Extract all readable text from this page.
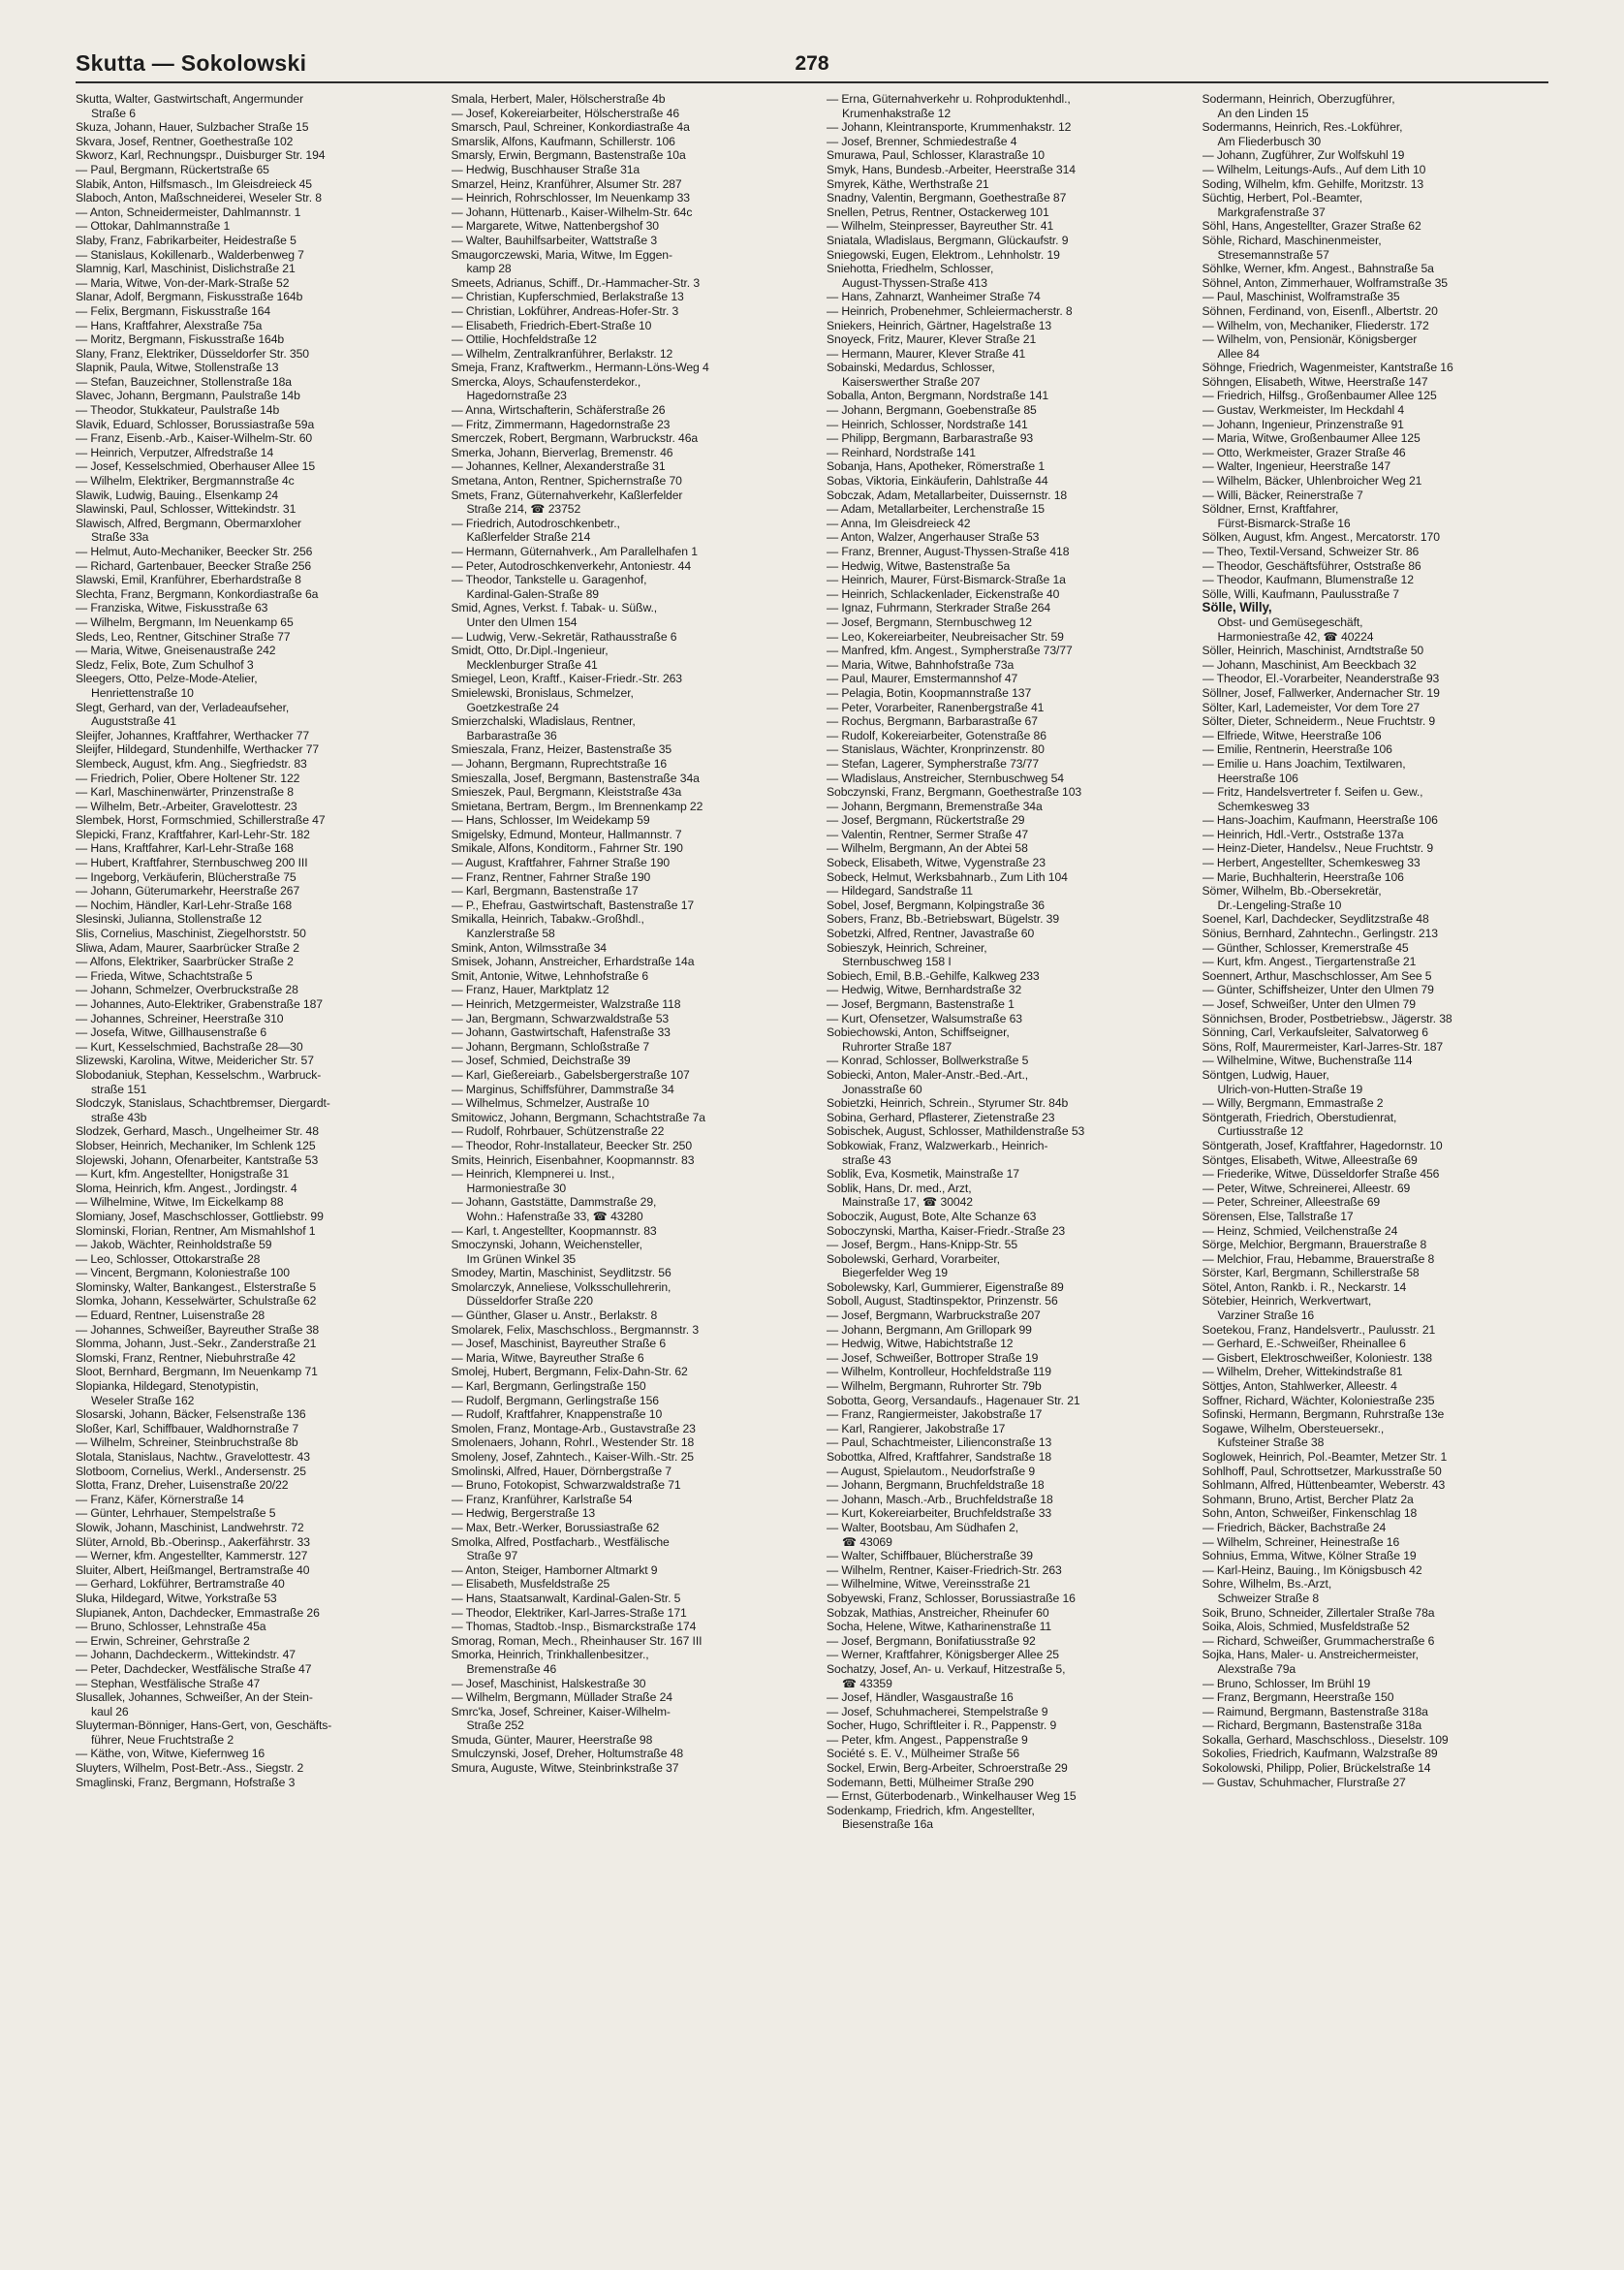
Skutta — Sokolowski	278
Skutta, Walter, Gastwirtschaft, Angermunder
Straße 6
Skuza, Johann, Hauer, Sulzbacher Straße 15
Skvara, Josef, Rentner, Goethestraße 102
Skworz, Karl, Rechnungspr., Duisburger Str. 194
— Paul, Bergmann, Rückertstraße 65
Slabik, Anton, Hilfsmasch., Im Gleisdreieck 45
Slaboch, Anton, Maßschneiderei, Weseler Str. 8
— Anton, Schneidermeister, Dahlmannstr. 1
— Ottokar, Dahlmannstraße 1
Slaby, Franz, Fabrikarbeiter, Heidestraße 5
— Stanislaus, Kokillenarb., Walderbenweg 7
Slamnig, Karl, Maschinist, Dislichstraße 21
— Maria, Witwe, Von-der-Mark-Straße 52
Slanar, Adolf, Bergmann, Fiskusstraße 164b
— Felix, Bergmann, Fiskusstraße 164
— Hans, Kraftfahrer, Alexstraße 75a
— Moritz, Bergmann, Fiskusstraße 164b
Slany, Franz, Elektriker, Düsseldorfer Str. 350
Slapnik, Paula, Witwe, Stollenstraße 13
— Stefan, Bauzeichner, Stollenstraße 18a
Slavec, Johann, Bergmann, Paulstraße 14b
— Theodor, Stukkateur, Paulstraße 14b
Slavik, Eduard, Schlosser, Borussiastraße 59a
— Franz, Eisenb.-Arb., Kaiser-Wilhelm-Str. 60
— Heinrich, Verputzer, Alfredstraße 14
— Josef, Kesselschmied, Oberhauser Allee 15
— Wilhelm, Elektriker, Bergmannstraße 4c
Slawik, Ludwig, Bauing., Elsenkamp 24
Slawinski, Paul, Schlosser, Wittekindstr. 31
Slawisch, Alfred, Bergmann, Obermarxloher
Straße 33a
— Helmut, Auto-Mechaniker, Beecker Str. 256
— Richard, Gartenbauer, Beecker Straße 256
Slawski, Emil, Kranführer, Eberhardstraße 8
Slechta, Franz, Bergmann, Konkordiastraße 6a
— Franziska, Witwe, Fiskusstraße 63
— Wilhelm, Bergmann, Im Neuenkamp 65
Sleds, Leo, Rentner, Gitschiner Straße 77
— Maria, Witwe, Gneisenaustraße 242
Sledz, Felix, Bote, Zum Schulhof 3
Sleegers, Otto, Pelze-Mode-Atelier,
Henriettenstraße 10
Slegt, Gerhard, van der, Verladeaufseher,
Auguststraße 41
Sleijfer, Johannes, Kraftfahrer, Werthacker 77
Sleijfer, Hildegard, Stundenhilfe, Werthacker 77
Slembeck, August, kfm. Ang., Siegfriedstr. 83
— Friedrich, Polier, Obere Holtener Str. 122
— Karl, Maschinenwärter, Prinzenstraße 8
— Wilhelm, Betr.-Arbeiter, Gravelottestr. 23
Slembek, Horst, Formschmied, Schillerstraße 47
Slepicki, Franz, Kraftfahrer, Karl-Lehr-Str. 182
— Hans, Kraftfahrer, Karl-Lehr-Straße 168
— Hubert, Kraftfahrer, Sternbuschweg 200 III
— Ingeborg, Verkäuferin, Blücherstraße 75
— Johann, Güterumarkehr, Heerstraße 267
— Nochim, Händler, Karl-Lehr-Straße 168
Slesinski, Julianna, Stollenstraße 12
Slis, Cornelius, Maschinist, Ziegelhorststr. 50
Sliwa, Adam, Maurer, Saarbrücker Straße 2
— Alfons, Elektriker, Saarbrücker Straße 2
— Frieda, Witwe, Schachtstraße 5
— Johann, Schmelzer, Overbruckstraße 28
— Johannes, Auto-Elektriker, Grabenstraße 187
— Johannes, Schreiner, Heerstraße 310
— Josefa, Witwe, Gillhausenstraße 6
— Kurt, Kesselschmied, Bachstraße 28—30
Slizewski, Karolina, Witwe, Meidericher Str. 57
Slobodaniuk, Stephan, Kesselschm., Warbruck-
straße 151
Slodczyk, Stanislaus, Schachtbremser, Diergardt-
straße 43b
Slodzek, Gerhard, Masch., Ungelheimer Str. 48
Slobser, Heinrich, Mechaniker, Im Schlenk 125
Slojewski, Johann, Ofenarbeiter, Kantstraße 53
— Kurt, kfm. Angestellter, Honigstraße 31
Sloma, Heinrich, kfm. Angest., Jordingstr. 4
— Wilhelmine, Witwe, Im Eickelkamp 88
Slomiany, Josef, Maschschlosser, Gottliebstr. 99
Slominski, Florian, Rentner, Am Mismahlshof 1
— Jakob, Wächter, Reinholdstraße 59
— Leo, Schlosser, Ottokarstraße 28
— Vincent, Bergmann, Koloniestraße 100
Slominsky, Walter, Bankangest., Elsterstraße 5
Slomka, Johann, Kesselwärter, Schulstraße 62
— Eduard, Rentner, Luisenstraße 28
— Johannes, Schweißer, Bayreuther Straße 38
Slomma, Johann, Just.-Sekr., Zanderstraße 21
Slomski, Franz, Rentner, Niebuhrstraße 42
Sloot, Bernhard, Bergmann, Im Neuenkamp 71
Slopianka, Hildegard, Stenotypistin,
Weseler Straße 162
Slosarski, Johann, Bäcker, Felsenstraße 136
Sloßer, Karl, Schiffbauer, Waldhornstraße 7
— Wilhelm, Schreiner, Steinbruchstraße 8b
Slotala, Stanislaus, Nachtw., Gravelottestr. 43
Slotboom, Cornelius, Werkl., Andersenstr. 25
Slotta, Franz, Dreher, Luisenstraße 20/22
— Franz, Käfer, Körnerstraße 14
— Günter, Lehrhauer, Stempelstraße 5
Slowik, Johann, Maschinist, Landwehrstr. 72
Slüter, Arnold, Bb.-Oberinsp., Aakerfährstr. 33
— Werner, kfm. Angestellter, Kammerstr. 127
Sluiter, Albert, Heißmangel, Bertramstraße 40
— Gerhard, Lokführer, Bertramstraße 40
Sluka, Hildegard, Witwe, Yorkstraße 53
Slupianek, Anton, Dachdecker, Emmastraße 26
— Bruno, Schlosser, Lehnstraße 45a
— Erwin, Schreiner, Gehrstraße 2
— Johann, Dachdeckerm., Wittekindstr. 47
— Peter, Dachdecker, Westfälische Straße 47
— Stephan, Westfälische Straße 47
Slusallek, Johannes, Schweißer, An der Stein-
kaul 26
Sluyterman-Bönniger, Hans-Gert, von, Geschäfts-
führer, Neue Fruchtstraße 2
— Käthe, von, Witwe, Kiefernweg 16
Sluyters, Wilhelm, Post-Betr.-Ass., Siegstr. 2
Smaglinski, Franz, Bergmann, Hofstraße 3
Smala, Herbert, Maler, Hölscherstraße 4b
— Josef, Kokereiarbeiter, Hölscherstraße 46
Smarsch, Paul, Schreiner, Konkordiastraße 4a
Smarslik, Alfons, Kaufmann, Schillerstr. 106
Smarsly, Erwin, Bergmann, Bastenstraße 10a
— Hedwig, Buschhauser Straße 31a
Smarzel, Heinz, Kranführer, Alsumer Str. 287
— Heinrich, Rohrschlosser, Im Neuenkamp 33
— Johann, Hüttenarb., Kaiser-Wilhelm-Str. 64c
— Margarete, Witwe, Nattenbergshof 30
— Walter, Bauhilfsarbeiter, Wattstraße 3
Smaugorczewski, Maria, Witwe, Im Eggen-
kamp 28
Smeets, Adrianus, Schiff., Dr.-Hammacher-Str. 3
— Christian, Kupferschmied, Berlakstraße 13
— Christian, Lokführer, Andreas-Hofer-Str. 3
— Elisabeth, Friedrich-Ebert-Straße 10
— Ottilie, Hochfeldstraße 12
— Wilhelm, Zentralkranführer, Berlakstr. 12
Smeja, Franz, Kraftwerkm., Hermann-Löns-Weg 4
Smercka, Aloys, Schaufensterdekor.,
Hagedornstraße 23
— Anna, Wirtschafterin, Schäferstraße 26
— Fritz, Zimmermann, Hagedornstraße 23
Smerczek, Robert, Bergmann, Warbruckstr. 46a
Smerka, Johann, Bierverlag, Bremenstr. 46
— Johannes, Kellner, Alexanderstraße 31
Smetana, Anton, Rentner, Spichernstraße 70
Smets, Franz, Güternahverkehr, Kaßlerfelder
Straße 214, ☎ 23752
— Friedrich, Autodroschkenbetr.,
Kaßlerfelder Straße 214
— Hermann, Güternahverk., Am Parallelhafen 1
— Peter, Autodroschkenverkehr, Antoniestr. 44
— Theodor, Tankstelle u. Garagenhof,
Kardinal-Galen-Straße 89
Smid, Agnes, Verkst. f. Tabak- u. Süßw.,
Unter den Ulmen 154
— Ludwig, Verw.-Sekretär, Rathausstraße 6
Smidt, Otto, Dr.Dipl.-Ingenieur,
Mecklenburger Straße 41
Smiegel, Leon, Kraftf., Kaiser-Friedr.-Str. 263
Smielewski, Bronislaus, Schmelzer,
Goetzkestraße 24
Smierzchalski, Wladislaus, Rentner,
Barbarastraße 36
Smieszala, Franz, Heizer, Bastenstraße 35
— Johann, Bergmann, Ruprechtstraße 16
Smieszalla, Josef, Bergmann, Bastenstraße 34a
Smieszek, Paul, Bergmann, Kleiststraße 43a
Smietana, Bertram, Bergm., Im Brennenkamp 22
— Hans, Schlosser, Im Weidekamp 59
Smigelsky, Edmund, Monteur, Hallmannstr. 7
Smikale, Alfons, Konditorm., Fahrner Str. 190
— August, Kraftfahrer, Fahrner Straße 190
— Franz, Rentner, Fahrner Straße 190
— Karl, Bergmann, Bastenstraße 17
— P., Ehefrau, Gastwirtschaft, Bastenstraße 17
Smikalla, Heinrich, Tabakw.-Großhdl.,
Kanzlerstraße 58
Smink, Anton, Wilmsstraße 34
Smisek, Johann, Anstreicher, Erhardstraße 14a
Smit, Antonie, Witwe, Lehnhofstraße 6
— Franz, Hauer, Marktplatz 12
— Heinrich, Metzgermeister, Walzstraße 118
— Jan, Bergmann, Schwarzwaldstraße 53
— Johann, Gastwirtschaft, Hafenstraße 33
— Johann, Bergmann, Schloßstraße 7
— Josef, Schmied, Deichstraße 39
— Karl, Gießereiarb., Gabelsbergerstraße 107
— Marginus, Schiffsführer, Dammstraße 34
— Wilhelmus, Schmelzer, Austraße 10
Smitowicz, Johann, Bergmann, Schachtstraße 7a
— Rudolf, Rohrbauer, Schützenstraße 22
— Theodor, Rohr-Installateur, Beecker Str. 250
Smits, Heinrich, Eisenbahner, Koopmannstr. 83
— Heinrich, Klempnerei u. Inst.,
Harmoniestraße 30
— Johann, Gaststätte, Dammstraße 29,
Wohn.: Hafenstraße 33, ☎ 43280
— Karl, t. Angestellter, Koopmannstr. 83
Smoczynski, Johann, Weichensteller,
Im Grünen Winkel 35
Smodey, Martin, Maschinist, Seydlitzstr. 56
Smolarczyk, Anneliese, Volksschullehrerin,
Düsseldorfer Straße 220
— Günther, Glaser u. Anstr., Berlakstr. 8
Smolarek, Felix, Maschschloss., Bergmannstr. 3
— Josef, Maschinist, Bayreuther Straße 6
— Maria, Witwe, Bayreuther Straße 6
Smolej, Hubert, Bergmann, Felix-Dahn-Str. 62
— Karl, Bergmann, Gerlingstraße 150
— Rudolf, Bergmann, Gerlingstraße 156
— Rudolf, Kraftfahrer, Knappenstraße 10
Smolen, Franz, Montage-Arb., Gustavstraße 23
Smolenaers, Johann, Rohrl., Westender Str. 18
Smoleny, Josef, Zahntech., Kaiser-Wilh.-Str. 25
Smolinski, Alfred, Hauer, Dörnbergstraße 7
— Bruno, Fotokopist, Schwarzwaldstraße 71
— Franz, Kranführer, Karlstraße 54
— Hedwig, Bergerstraße 13
— Max, Betr.-Werker, Borussiastraße 62
Smolka, Alfred, Postfacharb., Westfälische
Straße 97
— Anton, Steiger, Hamborner Altmarkt 9
— Elisabeth, Musfeldstraße 25
— Hans, Staatsanwalt, Kardinal-Galen-Str. 5
— Theodor, Elektriker, Karl-Jarres-Straße 171
— Thomas, Stadtob.-Insp., Bismarckstraße 174
Smorag, Roman, Mech., Rheinhauser Str. 167 III
Smorka, Heinrich, Trinkhallenbesitzer.,
Bremenstraße 46
— Josef, Maschinist, Halskestraße 30
— Wilhelm, Bergmann, Müllader Straße 24
Smrc'ka, Josef, Schreiner, Kaiser-Wilhelm-
Straße 252
Smuda, Günter, Maurer, Heerstraße 98
Smulczynski, Josef, Dreher, Holtumstraße 48
Smura, Auguste, Witwe, Steinbrinkstraße 37
— Erna, Güternahverkehr u. Rohproduktenhdl.,
Krumenhakstraße 12
— Johann, Kleintransporte, Krummenhakstr. 12
— Josef, Brenner, Schmiedestraße 4
Smurawa, Paul, Schlosser, Klarastraße 10
Smyk, Hans, Bundesb.-Arbeiter, Heerstraße 314
Smyrek, Käthe, Werthstraße 21
Snadny, Valentin, Bergmann, Goethestraße 87
Snellen, Petrus, Rentner, Ostackerweg 101
— Wilhelm, Steinpresser, Bayreuther Str. 41
Sniatala, Wladislaus, Bergmann, Glückaufstr. 9
Sniegowski, Eugen, Elektrom., Lehnholstr. 19
Sniehotta, Friedhelm, Schlosser,
August-Thyssen-Straße 413
— Hans, Zahnarzt, Wanheimer Straße 74
— Heinrich, Probenehmer, Schleiermacherstr. 8
Sniekers, Heinrich, Gärtner, Hagelstraße 13
Snoyeck, Fritz, Maurer, Klever Straße 21
— Hermann, Maurer, Klever Straße 41
Sobainski, Medardus, Schlosser,
Kaiserswerther Straße 207
Soballa, Anton, Bergmann, Nordstraße 141
— Johann, Bergmann, Goebenstraße 85
— Heinrich, Schlosser, Nordstraße 141
— Philipp, Bergmann, Barbarastraße 93
— Reinhard, Nordstraße 141
Sobanja, Hans, Apotheker, Römerstraße 1
Sobas, Viktoria, Einkäuferin, Dahlstraße 44
Sobczak, Adam, Metallarbeiter, Duissernstr. 18
— Adam, Metallarbeiter, Lerchenstraße 15
— Anna, Im Gleisdreieck 42
— Anton, Walzer, Angerhauser Straße 53
— Franz, Brenner, August-Thyssen-Straße 418
— Hedwig, Witwe, Bastenstraße 5a
— Heinrich, Maurer, Fürst-Bismarck-Straße 1a
— Heinrich, Schlackenlader, Eickenstraße 40
— Ignaz, Fuhrmann, Sterkrader Straße 264
— Josef, Bergmann, Sternbuschweg 12
— Leo, Kokereiarbeiter, Neubreisacher Str. 59
— Manfred, kfm. Angest., Sympherstraße 73/77
— Maria, Witwe, Bahnhofstraße 73a
— Paul, Maurer, Emstermannshof 47
— Pelagia, Botin, Koopmannstraße 137
— Peter, Vorarbeiter, Ranenbergstraße 41
— Rochus, Bergmann, Barbarastraße 67
— Rudolf, Kokereiarbeiter, Gotenstraße 86
— Stanislaus, Wächter, Kronprinzenstr. 80
— Stefan, Lagerer, Sympherstraße 73/77
— Wladislaus, Anstreicher, Sternbuschweg 54
Sobczynski, Franz, Bergmann, Goethestraße 103
— Johann, Bergmann, Bremenstraße 34a
— Josef, Bergmann, Rückertstraße 29
— Valentin, Rentner, Sermer Straße 47
— Wilhelm, Bergmann, An der Abtei 58
Sobeck, Elisabeth, Witwe, Vygenstraße 23
Sobeck, Helmut, Werksbahnarb., Zum Lith 104
— Hildegard, Sandstraße 11
Sobel, Josef, Bergmann, Kolpingstraße 36
Sobers, Franz, Bb.-Betriebswart, Bügelstr. 39
Sobetzki, Alfred, Rentner, Javastraße 60
Sobieszyk, Heinrich, Schreiner,
Sternbuschweg 158 I
Sobiech, Emil, B.B.-Gehilfe, Kalkweg 233
— Hedwig, Witwe, Bernhardstraße 32
— Josef, Bergmann, Bastenstraße 1
— Kurt, Ofensetzer, Walsumstraße 63
Sobiechowski, Anton, Schiffseigner,
Ruhrorter Straße 187
— Konrad, Schlosser, Bollwerkstraße 5
Sobiecki, Anton, Maler-Anstr.-Bed.-Art.,
Jonasstraße 60
Sobietzki, Heinrich, Schrein., Styrumer Str. 84b
Sobina, Gerhard, Pflasterer, Zietenstraße 23
Sobischek, August, Schlosser, Mathildenstraße 53
Sobkowiak, Franz, Walzwerkarb., Heinrich-
straße 43
Soblik, Eva, Kosmetik, Mainstraße 17
Soblik, Hans, Dr. med., Arzt,
Mainstraße 17, ☎ 30042
Soboczik, August, Bote, Alte Schanze 63
Soboczynski, Martha, Kaiser-Friedr.-Straße 23
— Josef, Bergm., Hans-Knipp-Str. 55
Sobolewski, Gerhard, Vorarbeiter,
Biegerfelder Weg 19
Sobolewsky, Karl, Gummierer, Eigenstraße 89
Soboll, August, Stadtinspektor, Prinzenstr. 56
— Josef, Bergmann, Warbruckstraße 207
— Johann, Bergmann, Am Grillopark 99
— Hedwig, Witwe, Habichtstraße 12
— Josef, Schweißer, Bottroper Straße 19
— Wilhelm, Kontrolleur, Hochfeldstraße 119
— Wilhelm, Bergmann, Ruhrorter Str. 79b
Sobotta, Georg, Versandaufs., Hagenauer Str. 21
— Franz, Rangiermeister, Jakobstraße 17
— Karl, Rangierer, Jakobstraße 17
— Paul, Schachtmeister, Lilienconstraße 13
Sobottka, Alfred, Kraftfahrer, Sandstraße 18
— August, Spielautom., Neudorfstraße 9
— Johann, Bergmann, Bruchfeldstraße 18
— Johann, Masch.-Arb., Bruchfeldstraße 18
— Kurt, Kokereiarbeiter, Bruchfeldstraße 33
— Walter, Bootsbau, Am Südhafen 2,
☎ 43069
— Walter, Schiffbauer, Blücherstraße 39
— Wilhelm, Rentner, Kaiser-Friedrich-Str. 263
— Wilhelmine, Witwe, Vereinsstraße 21
Sobyewski, Franz, Schlosser, Borussiastraße 16
Sobzak, Mathias, Anstreicher, Rheinufer 60
Socha, Helene, Witwe, Katharinenstraße 11
— Josef, Bergmann, Bonifatiusstraße 92
— Werner, Kraftfahrer, Königsberger Allee 25
Sochatzy, Josef, An- u. Verkauf, Hitzestraße 5,
☎ 43359
— Josef, Händler, Wasgaustraße 16
— Josef, Schuhmacherei, Stempelstraße 9
Socher, Hugo, Schriftleiter i. R., Pappenstr. 9
— Peter, kfm. Angest., Pappenstraße 9
Société s. E. V., Mülheimer Straße 56
Sockel, Erwin, Berg-Arbeiter, Schroerstraße 29
Sodemann, Betti, Mülheimer Straße 290
— Ernst, Güterbodenarb., Winkelhauser Weg 15
Sodenkamp, Friedrich, kfm. Angestellter,
Biesenstraße 16a
Sodermann, Heinrich, Oberzugführer,
An den Linden 15
Sodermanns, Heinrich, Res.-Lokführer,
Am Fliederbusch 30
— Johann, Zugführer, Zur Wolfskuhl 19
— Wilhelm, Leitungs-Aufs., Auf dem Lith 10
Soding, Wilhelm, kfm. Gehilfe, Moritzstr. 13
Süchtig, Herbert, Pol.-Beamter,
Markgrafenstraße 37
Söhl, Hans, Angestellter, Grazer Straße 62
Söhle, Richard, Maschinenmeister,
Stresemannstraße 57
Söhlke, Werner, kfm. Angest., Bahnstraße 5a
Söhnel, Anton, Zimmerhauer, Wolframstraße 35
— Paul, Maschinist, Wolframstraße 35
Söhnen, Ferdinand, von, Eisenfl., Albertstr. 20
— Wilhelm, von, Mechaniker, Fliederstr. 172
— Wilhelm, von, Pensionär, Königsberger
Allee 84
Söhnge, Friedrich, Wagenmeister, Kantstraße 16
Söhngen, Elisabeth, Witwe, Heerstraße 147
— Friedrich, Hilfsg., Großenbaumer Allee 125
— Gustav, Werkmeister, Im Heckdahl 4
— Johann, Ingenieur, Prinzenstraße 91
— Maria, Witwe, Großenbaumer Allee 125
— Otto, Werkmeister, Grazer Straße 46
— Walter, Ingenieur, Heerstraße 147
— Wilhelm, Bäcker, Uhlenbroicher Weg 21
— Willi, Bäcker, Reinerstraße 7
Söldner, Ernst, Kraftfahrer,
Fürst-Bismarck-Straße 16
Sölken, August, kfm. Angest., Mercatorstr. 170
— Theo, Textil-Versand, Schweizer Str. 86
— Theodor, Geschäftsführer, Oststraße 86
— Theodor, Kaufmann, Blumenstraße 12
Sölle, Willi, Kaufmann, Paulusstraße 7
Sölle, Willy,
Obst- und Gemüsegeschäft,
Harmoniestraße 42, ☎ 40224
Söller, Heinrich, Maschinist, Arndtstraße 50
— Johann, Maschinist, Am Beeckbach 32
— Theodor, El.-Vorarbeiter, Neanderstraße 93
Söllner, Josef, Fallwerker, Andernacher Str. 19
Sölter, Karl, Lademeister, Vor dem Tore 27
Sölter, Dieter, Schneiderm., Neue Fruchtstr. 9
— Elfriede, Witwe, Heerstraße 106
— Emilie, Rentnerin, Heerstraße 106
— Emilie u. Hans Joachim, Textilwaren,
Heerstraße 106
— Fritz, Handelsvertreter f. Seifen u. Gew.,
Schemkesweg 33
— Hans-Joachim, Kaufmann, Heerstraße 106
— Heinrich, Hdl.-Vertr., Oststraße 137a
— Heinz-Dieter, Handelsv., Neue Fruchtstr. 9
— Herbert, Angestellter, Schemkesweg 33
— Marie, Buchhalterin, Heerstraße 106
Sömer, Wilhelm, Bb.-Obersekretär,
Dr.-Lengeling-Straße 10
Soenel, Karl, Dachdecker, Seydlitzstraße 48
Sönius, Bernhard, Zahntechn., Gerlingstr. 213
— Günther, Schlosser, Kremerstraße 45
— Kurt, kfm. Angest., Tiergartenstraße 21
Soennert, Arthur, Maschschlosser, Am See 5
— Günter, Schiffsheizer, Unter den Ulmen 79
— Josef, Schweißer, Unter den Ulmen 79
Sönnichsen, Broder, Postbetriebsw., Jägerstr. 38
Sönning, Carl, Verkaufsleiter, Salvatorweg 6
Söns, Rolf, Maurermeister, Karl-Jarres-Str. 187
— Wilhelmine, Witwe, Buchenstraße 114
Söntgen, Ludwig, Hauer,
Ulrich-von-Hutten-Straße 19
— Willy, Bergmann, Emmastraße 2
Söntgerath, Friedrich, Oberstudienrat,
Curtiusstraße 12
Söntgerath, Josef, Kraftfahrer, Hagedornstr. 10
Söntges, Elisabeth, Witwe, Alleestraße 69
— Friederike, Witwe, Düsseldorfer Straße 456
— Peter, Witwe, Schreinerei, Alleestr. 69
— Peter, Schreiner, Alleestraße 69
Sörensen, Else, Tallstraße 17
— Heinz, Schmied, Veilchenstraße 24
Sörge, Melchior, Bergmann, Brauerstraße 8
— Melchior, Frau, Hebamme, Brauerstraße 8
Sörster, Karl, Bergmann, Schillerstraße 58
Sötel, Anton, Rankb. i. R., Neckarstr. 14
Sötebier, Heinrich, Werkvertwart,
Varziner Straße 16
Soetekou, Franz, Handelsvertr., Paulusstr. 21
— Gerhard, E.-Schweißer, Rheinallee 6
— Gisbert, Elektroschweißer, Koloniestr. 138
— Wilhelm, Dreher, Wittekindstraße 81
Söttjes, Anton, Stahlwerker, Alleestr. 4
Soffner, Richard, Wächter, Koloniestraße 235
Sofinski, Hermann, Bergmann, Ruhrstraße 13e
Sogawe, Wilhelm, Obersteuersekr.,
Kufsteiner Straße 38
Soglowek, Heinrich, Pol.-Beamter, Metzer Str. 1
Sohlhoff, Paul, Schrottsetzer, Markusstraße 50
Sohlmann, Alfred, Hüttenbeamter, Weberstr. 43
Sohmann, Bruno, Artist, Bercher Platz 2a
Sohn, Anton, Schweißer, Finkenschlag 18
— Friedrich, Bäcker, Bachstraße 24
— Wilhelm, Schreiner, Heinestraße 16
Sohnius, Emma, Witwe, Kölner Straße 19
— Karl-Heinz, Bauing., Im Königsbusch 42
Sohre, Wilhelm, Bs.-Arzt,
Schweizer Straße 8
Soik, Bruno, Schneider, Zillertaler Straße 78a
Soika, Alois, Schmied, Musfeldstraße 52
— Richard, Schweißer, Grummacherstraße 6
Sojka, Hans, Maler- u. Anstreichermeister,
Alexstraße 79a
— Bruno, Schlosser, Im Brühl 19
— Franz, Bergmann, Heerstraße 150
— Raimund, Bergmann, Bastenstraße 318a
— Richard, Bergmann, Bastenstraße 318a
Sokalla, Gerhard, Maschschloss., Dieselstr. 109
Sokolies, Friedrich, Kaufmann, Walzstraße 89
Sokolowski, Philipp, Polier, Brückelstraße 14
— Gustav, Schuhmacher, Flurstraße 27
